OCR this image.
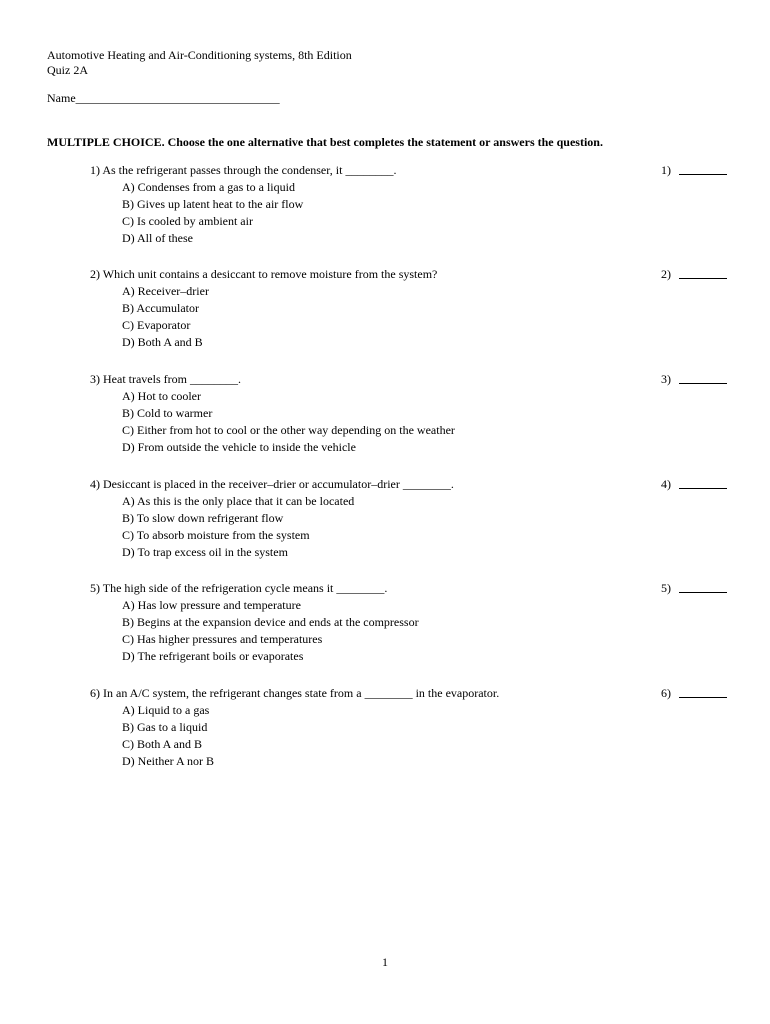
Automotive Heating and Air-Conditioning systems, 8th Edition
Quiz 2A
Name__________________________________
MULTIPLE CHOICE. Choose the one alternative that best completes the statement or answers the question.
1) As the refrigerant passes through the condenser, it ________.
A) Condenses from a gas to a liquid
B) Gives up latent heat to the air flow
C) Is cooled by ambient air
D) All of these
1)
2) Which unit contains a desiccant to remove moisture from the system?
A) Receiver–drier
B) Accumulator
C) Evaporator
D) Both A and B
2)
3) Heat travels from ________.
A) Hot to cooler
B) Cold to warmer
C) Either from hot to cool or the other way depending on the weather
D) From outside the vehicle to inside the vehicle
3)
4) Desiccant is placed in the receiver–drier or accumulator–drier ________.
A) As this is the only place that it can be located
B) To slow down refrigerant flow
C) To absorb moisture from the system
D) To trap excess oil in the system
4)
5) The high side of the refrigeration cycle means it ________.
A) Has low pressure and temperature
B) Begins at the expansion device and ends at the compressor
C) Has higher pressures and temperatures
D) The refrigerant boils or evaporates
5)
6) In an A/C system, the refrigerant changes state from a ________ in the evaporator.
A) Liquid to a gas
B) Gas to a liquid
C) Both A and B
D) Neither A nor B
6)
1
